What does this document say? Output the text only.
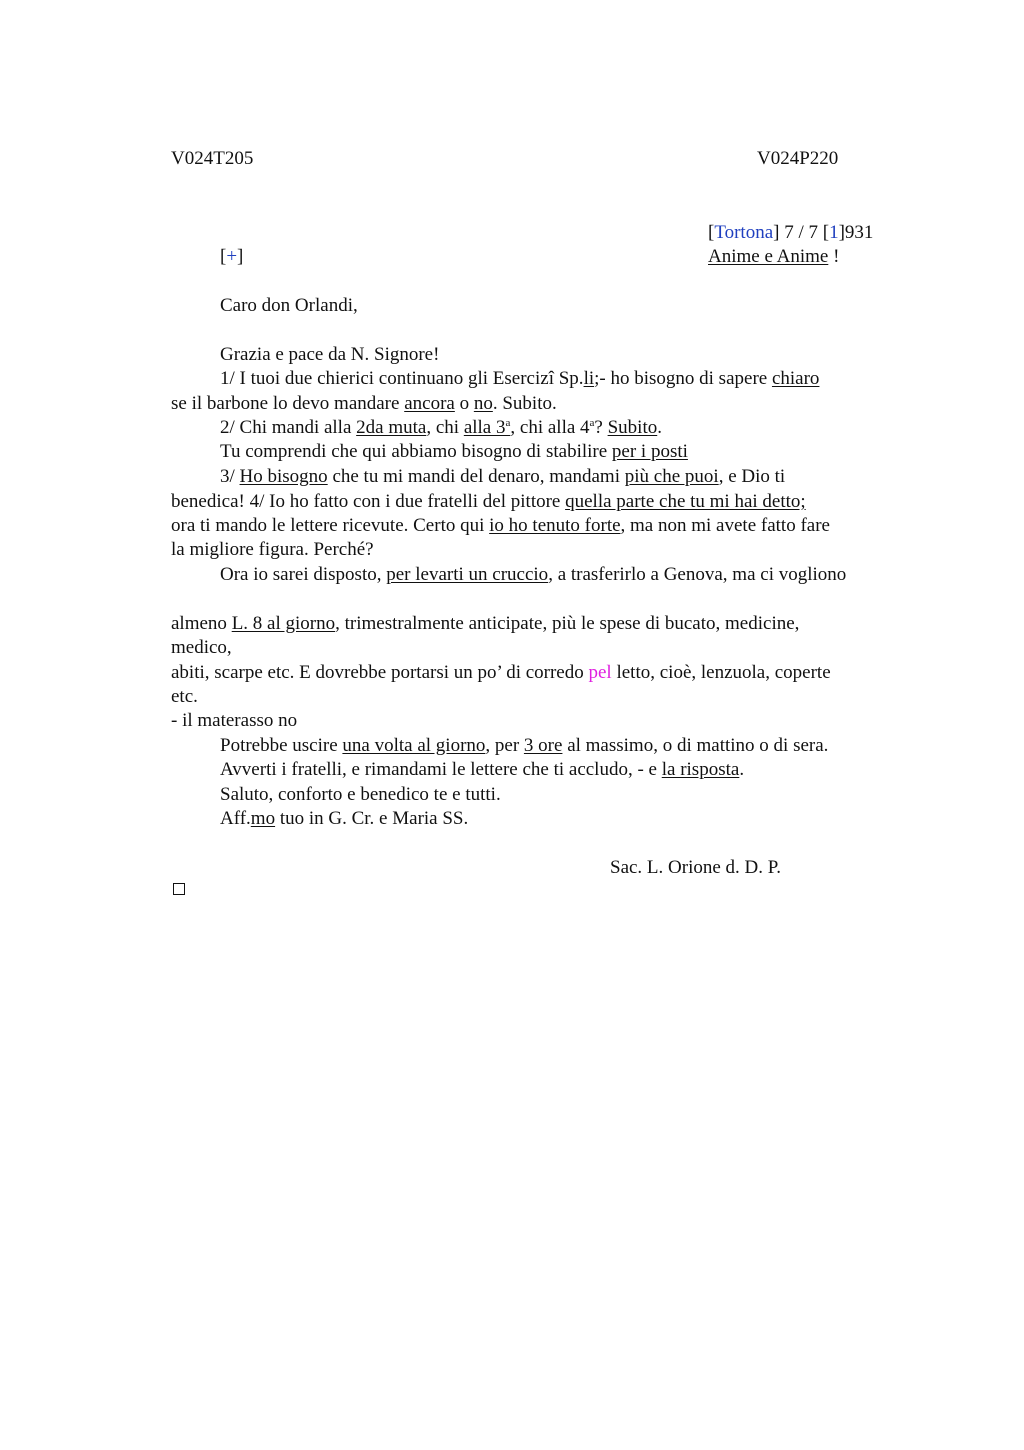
V024T205	V024P220
[Tortona] 7 / 7 [1]931
[+]	Anime e Anime !
Caro don Orlandi,
Grazia e pace da N. Signore!
1/ I tuoi due chierici continuano gli Esercizî Sp.li;- ho bisogno di sapere chiaro
se il barbone lo devo mandare ancora o no. Subito.
2/ Chi mandi alla 2da muta, chi alla 3$^a$, chi alla 4$^a$? Subito.
Tu comprendi che qui abbiamo bisogno di stabilire per i posti
3/ Ho bisogno che tu mi mandi del denaro, mandami più che puoi, e Dio ti
benedica! 4/ Io ho fatto con i due fratelli del pittore quella parte che tu mi hai detto;
ora ti mando le lettere ricevute. Certo qui io ho tenuto forte, ma non mi avete fatto fare
la migliore figura. Perché?
Ora io sarei disposto, per levarti un cruccio, a trasferirlo a Genova, ma ci vogliono
almeno L. 8 al giorno, trimestralmente anticipate, più le spese di bucato, medicine,
medico,
abiti, scarpe etc. E dovrebbe portarsi un po’ di corredo pel letto, cioè, lenzuola, coperte
etc.
- il materasso no
Potrebbe uscire una volta al giorno, per 3 ore al massimo, o di mattino o di sera.
Avverti i fratelli, e rimandami le lettere che ti accludo, - e la risposta.
Saluto, conforto e benedico te e tutti.
Aff.mo tuo in G. Cr. e Maria SS.
Sac. L. Orione d. D. P.
